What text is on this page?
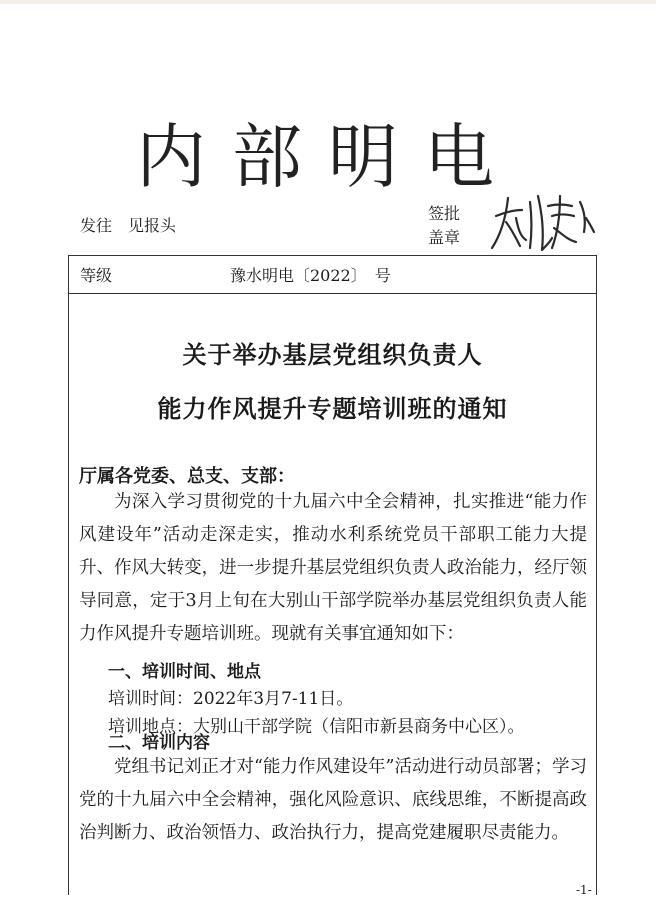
内部明电
发往　见报头
签批
盖章
等级	豫水明电〔2022〕　号
关于举办基层党组织负责人
能力作风提升专题培训班的通知
厅属各党委、总支、支部：
为深入学习贯彻党的十九届六中全会精神，扎实推进“能力作风建设年”活动走深走实，推动水利系统党员干部职工能力大提升、作风大转变，进一步提升基层党组织负责人政治能力，经厅领导同意，定于3月上旬在大别山干部学院举办基层党组织负责人能力作风提升专题培训班。现就有关事宜通知如下：
一、培训时间、地点
培训时间：2022年3月7-11日。
培训地点：大别山干部学院（信阳市新县商务中心区）。
二、培训内容
党组书记刘正才对“能力作风建设年”活动进行动员部署；学习党的十九届六中全会精神，强化风险意识、底线思维，不断提高政治判断力、政治领悟力、政治执行力，提高党建履职尽责能力。
-1-
